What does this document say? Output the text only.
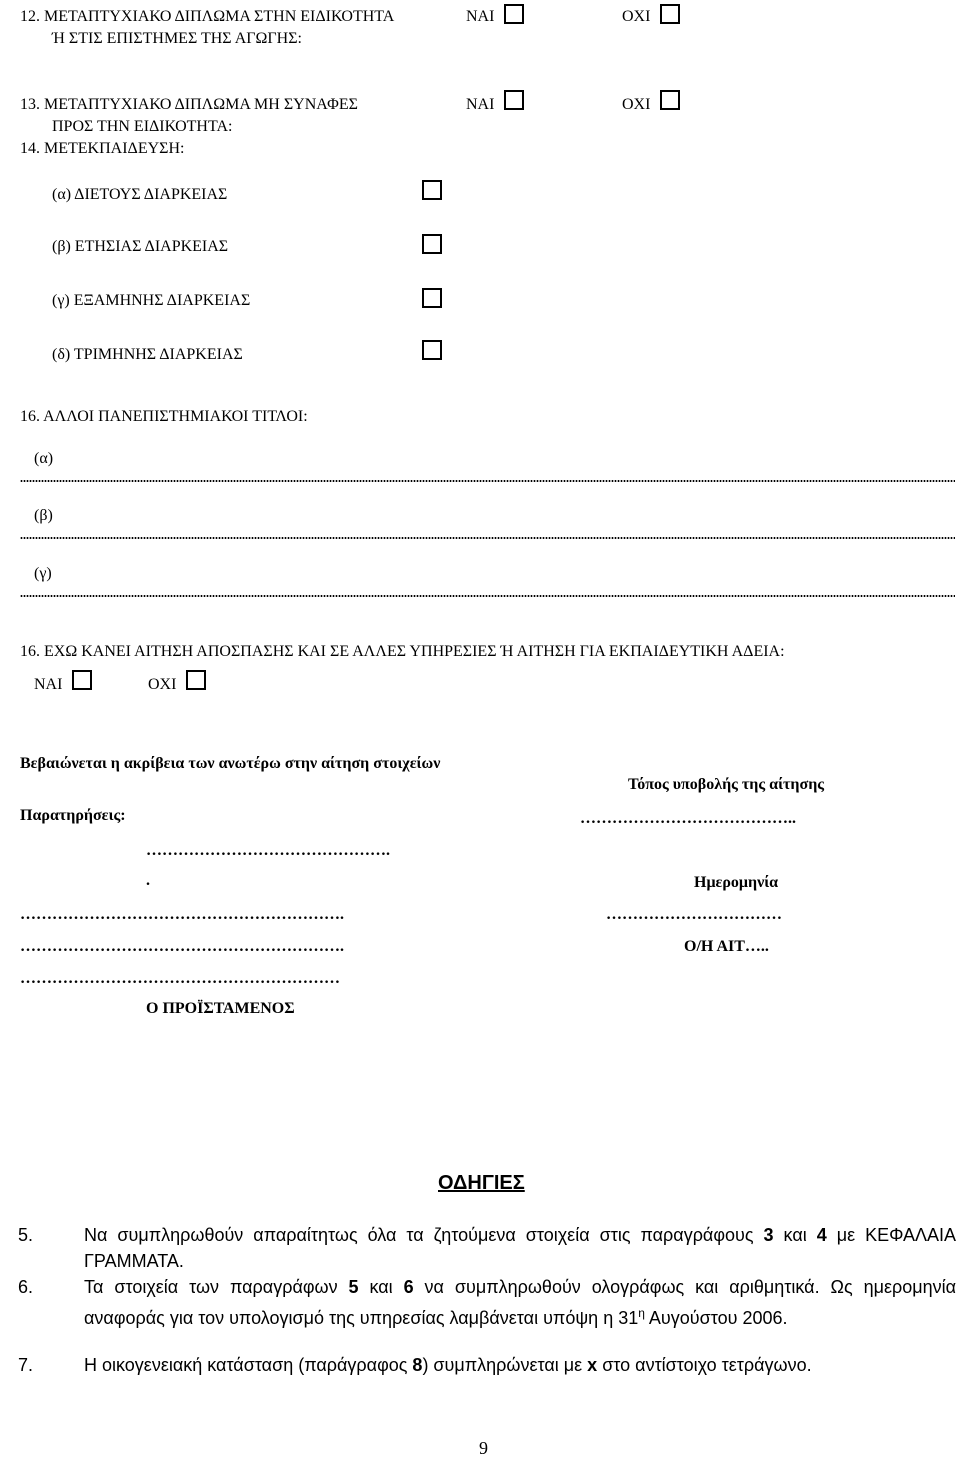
12. ΜΕΤΑΠΤΥΧΙΑΚΟ ΔΙΠΛΩΜΑ ΣΤΗΝ ΕΙΔΙΚΟΤΗΤΑ
Ή ΣΤΙΣ ΕΠΙΣΤΗΜΕΣ ΤΗΣ ΑΓΩΓΗΣ:
ΝΑΙ	ΟΧΙ
13. ΜΕΤΑΠΤΥΧΙΑΚΟ ΔΙΠΛΩΜΑ ΜΗ ΣΥΝΑΦΕΣ
ΠΡΟΣ ΤΗΝ ΕΙΔΙΚΟΤΗΤΑ:
ΝΑΙ	ΟΧΙ
14. ΜΕΤΕΚΠΑΙΔΕΥΣΗ:
(α) ΔΙΕΤΟΥΣ ΔΙΑΡΚΕΙΑΣ
(β) ΕΤΗΣΙΑΣ ΔΙΑΡΚΕΙΑΣ
(γ) ΕΞΑΜΗΝΗΣ ΔΙΑΡΚΕΙΑΣ
(δ) ΤΡΙΜΗΝΗΣ ΔΙΑΡΚΕΙΑΣ
16. ΑΛΛΟΙ ΠΑΝΕΠΙΣΤΗΜΙΑΚΟΙ ΤΙΤΛΟΙ:
(α)
(β)
(γ)
16. ΕΧΩ ΚΑΝΕΙ ΑΙΤΗΣΗ ΑΠΟΣΠΑΣΗΣ ΚΑΙ ΣΕ ΑΛΛΕΣ ΥΠΗΡΕΣΙΕΣ Ή ΑΙΤΗΣΗ ΓΙΑ ΕΚΠΑΙΔΕΥΤΙΚΗ ΑΔΕΙΑ:
ΝΑΙ	ΟΧΙ
Βεβαιώνεται η ακρίβεια των ανωτέρω στην αίτηση στοιχείων
Τόπος υποβολής της αίτησης
Παρατηρήσεις:	…………………………………..
……………………………………….
.	Ημερομηνία
…………………………………………………….	……………………………
…………………………………………………….	Ο/Η ΑΙΤ…..
……………………………………………………
Ο ΠΡΟΪΣΤΑΜΕΝΟΣ
ΟΔΗΓΙΕΣ
5.	Να συμπληρωθούν απαραίτητως όλα τα ζητούμενα στοιχεία στις παραγράφους 3 και 4 με ΚΕΦΑΛΑΙΑ ΓΡΑΜΜΑΤΑ.
6.	Τα στοιχεία των παραγράφων 5 και 6 να συμπληρωθούν ολογράφως και αριθμητικά. Ως ημερομηνία αναφοράς για τον υπολογισμό της υπηρεσίας λαμβάνεται υπόψη η $31^\eta$ Αυγούστου 2006.
7.	Η οικογενειακή κατάσταση (παράγραφος 8) συμπληρώνεται με x στο αντίστοιχο τετράγωνο.
9
